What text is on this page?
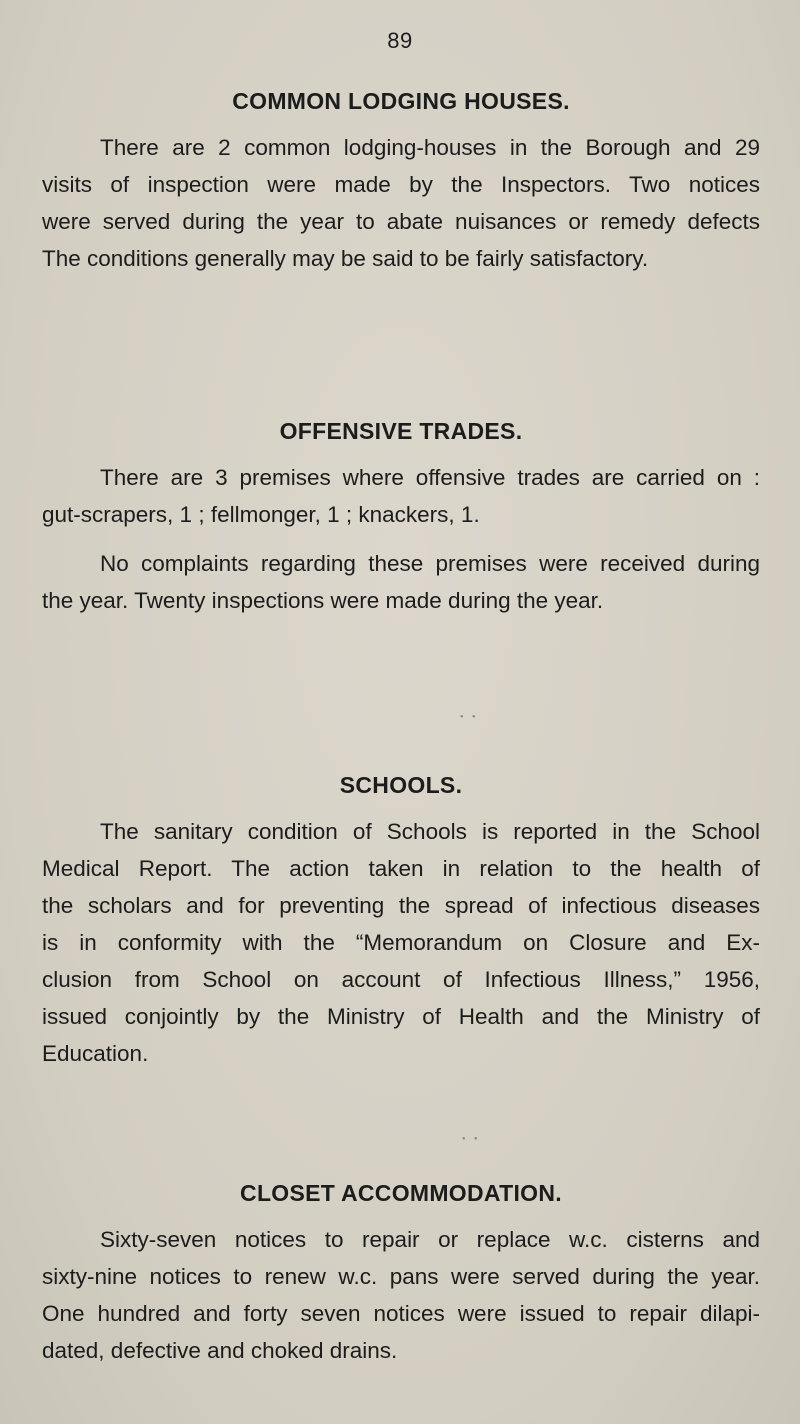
89
COMMON LODGING HOUSES.
There are 2 common lodging-houses in the Borough and 29
visits of inspection were made by the Inspectors. Two notices
were served during the year to abate nuisances or remedy defects
The conditions generally may be said to be fairly satisfactory.
OFFENSIVE TRADES.
There are 3 premises where offensive trades are carried on :
gut-scrapers, 1 ; fellmonger, 1 ; knackers, 1.
No complaints regarding these premises were received during
the year. Twenty inspections were made during the year.
• •
SCHOOLS.
The sanitary condition of Schools is reported in the School
Medical Report. The action taken in relation to the health of
the scholars and for preventing the spread of infectious diseases
is in conformity with the “Memorandum on Closure and Ex-
clusion from School on account of Infectious Illness,” 1956,
issued conjointly by the Ministry of Health and the Ministry of
Education.
• •
CLOSET ACCOMMODATION.
Sixty-seven notices to repair or replace w.c. cisterns and
sixty-nine notices to renew w.c. pans were served during the year.
One hundred and forty seven notices were issued to repair dilapi-
dated, defective and choked drains.
